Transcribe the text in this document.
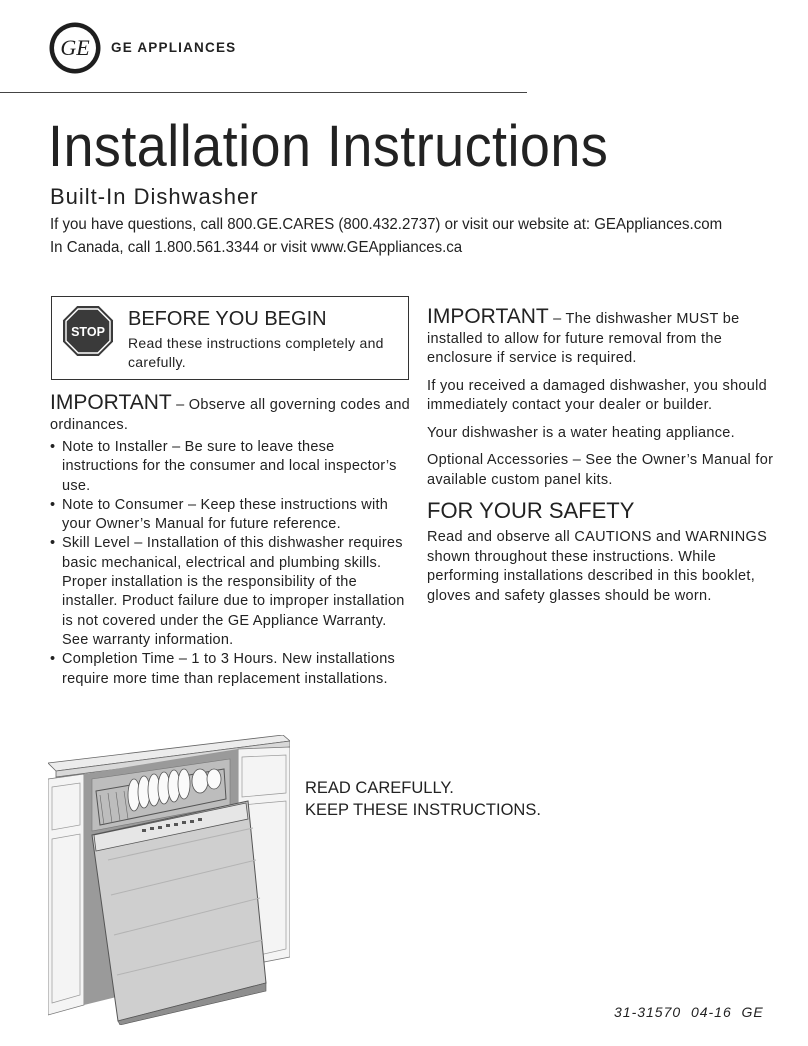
GE GE APPLIANCES
Installation Instructions
Built-In Dishwasher
If you have questions, call 800.GE.CARES (800.432.2737) or visit our website at: GEAppliances.com
In Canada, call 1.800.561.3344 or visit www.GEAppliances.ca
STOP
BEFORE YOU BEGIN
Read these instructions completely and carefully.
IMPORTANT – Observe all governing codes and ordinances.
• Note to Installer – Be sure to leave these instructions for the consumer and local inspector’s use.
• Note to Consumer – Keep these instructions with your Owner’s Manual for future reference.
• Skill Level – Installation of this dishwasher requires basic mechanical, electrical and plumbing skills. Proper installation is the responsibility of the installer. Product failure due to improper installation is not covered under the GE Appliance Warranty. See warranty information.
• Completion Time – 1 to 3 Hours. New installations require more time than replacement installations.

IMPORTANT – The dishwasher MUST be installed to allow for future removal from the enclosure if service is required.

If you received a damaged dishwasher, you should immediately contact your dealer or builder.

Your dishwasher is a water heating appliance.

Optional Accessories – See the Owner’s Manual for available custom panel kits.

FOR YOUR SAFETY

Read and observe all CAUTIONS and WARNINGS shown throughout these instructions. While performing installations described in this booklet, gloves and safety glasses should be worn.

READ CAREFULLY.
KEEP THESE INSTRUCTIONS.
31-31570  04-16  GE
